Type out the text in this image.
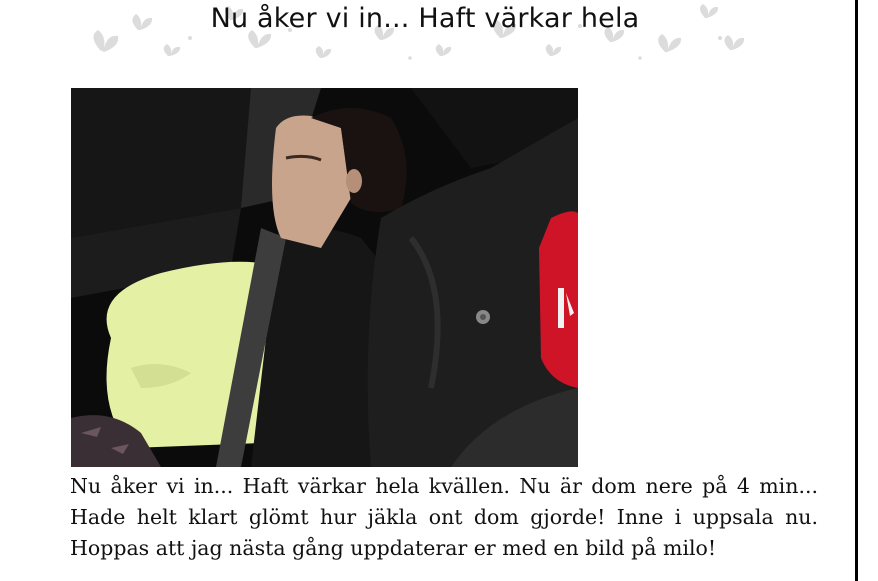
Nu åker vi in... Haft värkar hela

Nu åker vi in... Haft värkar hela kvällen. Nu är dom nere på 4 min... Hade helt klart glömt hur jäkla ont dom gjorde! Inne i uppsala nu. Hoppas att jag nästa gång uppdaterar er med en bild på milo!
